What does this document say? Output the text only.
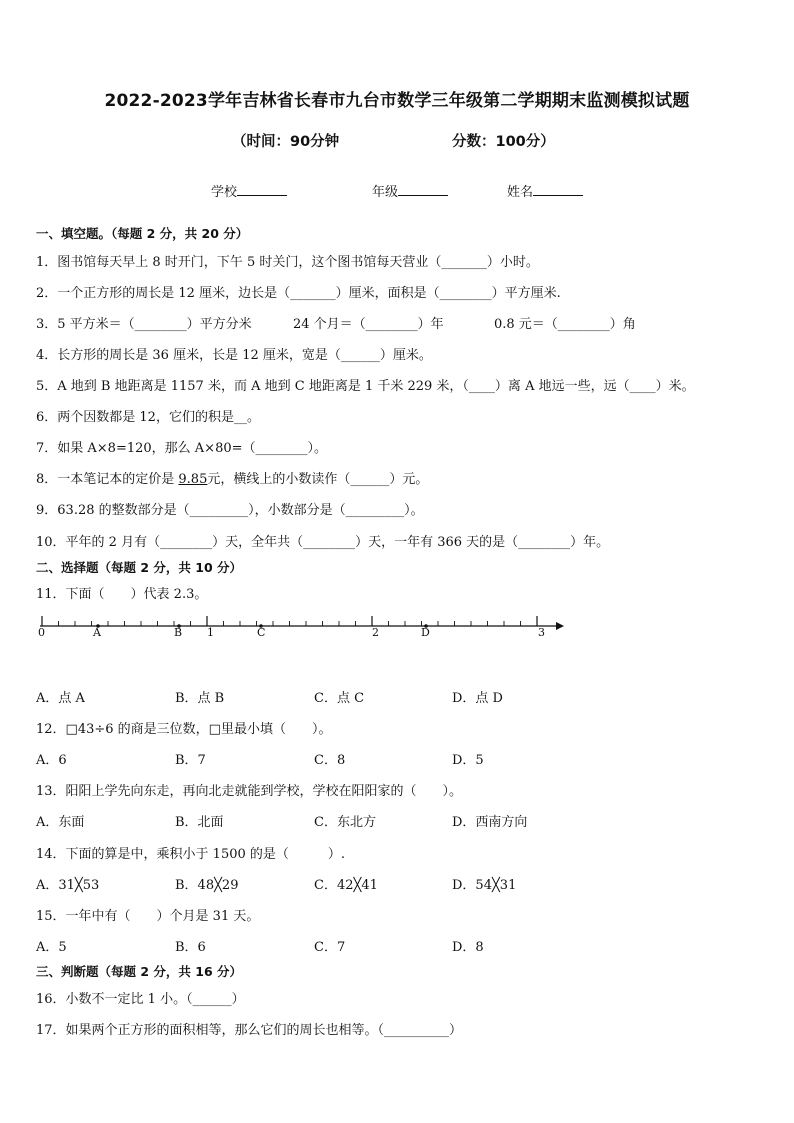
2022-2023学年吉林省长春市九台市数学三年级第二学期期末监测模拟试题
（时间：90分钟	分数：100分）
学校	年级	姓名
一、填空题。（每题 2 分，共 20 分）
1．图书馆每天早上 8 时开门，下午 5 时关门，这个图书馆每天营业（_______）小时。
2．一个正方形的周长是 12 厘米，边长是（_______）厘米，面积是（________）平方厘米.
3．5 平方米＝（________）平方分米	24 个月＝（________）年	0.8 元＝（________）角
4．长方形的周长是 36 厘米，长是 12 厘米，宽是（______）厘米。
5．A 地到 B 地距离是 1157 米，而 A 地到 C 地距离是 1 千米 229 米，（____）离 A 地远一些，远（____）米。
6．两个因数都是 12，它们的积是__。
7．如果 A×8=120，那么 A×80=（________）。
8．一本笔记本的定价是 9.85元，横线上的小数读作（______）元。
9．63.28 的整数部分是（_________），小数部分是（_________）。
10．平年的 2 月有（________）天，全年共（________）天，一年有 366 天的是（________）年。
二、选择题（每题 2 分，共 10 分）
11．下面（　　）代表 2.3。
0	A	B 1	C	2	D	3
A．点 A	B．点 B	C．点 C	D．点 D
12．□43÷6 的商是三位数，□里最小填（　　）。
A．6	B．7	C．8	D．5
13．阳阳上学先向东走，再向北走就能到学校，学校在阳阳家的（　　）。
A．东面	B．北面	C．东北方	D．西南方向
14．下面的算是中，乘积小于 1500 的是（　　　）.
A．31╳53	B．48╳29	C．42╳41	D．54╳31
15．一年中有（　　）个月是 31 天。
A．5	B．6	C．7	D．8
三、判断题（每题 2 分，共 16 分）
16．小数不一定比 1 小。（______）
17．如果两个正方形的面积相等，那么它们的周长也相等。（__________）
